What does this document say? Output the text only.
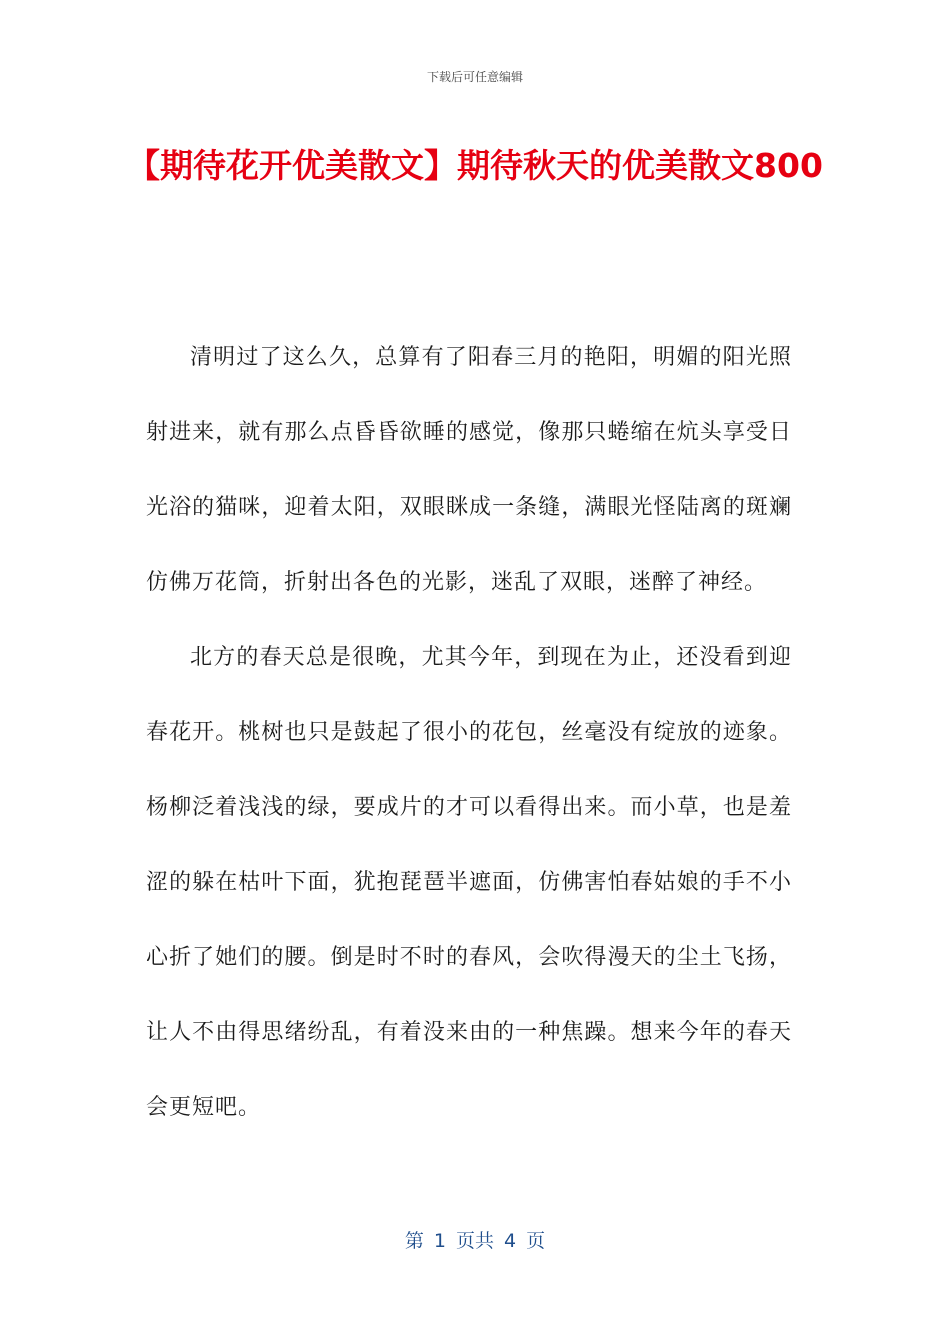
下载后可任意编辑
【期待花开优美散文】期待秋天的优美散文800

清明过了这么久，总算有了阳春三月的艳阳，明媚的阳光照射进来，就有那么点昏昏欲睡的感觉，像那只蜷缩在炕头享受日光浴的猫咪，迎着太阳，双眼眯成一条缝，满眼光怪陆离的斑斓仿佛万花筒，折射出各色的光影，迷乱了双眼，迷醉了神经。

北方的春天总是很晚，尤其今年，到现在为止，还没看到迎春花开。桃树也只是鼓起了很小的花包，丝毫没有绽放的迹象。杨柳泛着浅浅的绿，要成片的才可以看得出来。而小草，也是羞涩的躲在枯叶下面，犹抱琵琶半遮面，仿佛害怕春姑娘的手不小心折了她们的腰。倒是时不时的春风，会吹得漫天的尘土飞扬，让人不由得思绪纷乱，有着没来由的一种焦躁。想来今年的春天会更短吧。

第 1 页共 4 页
